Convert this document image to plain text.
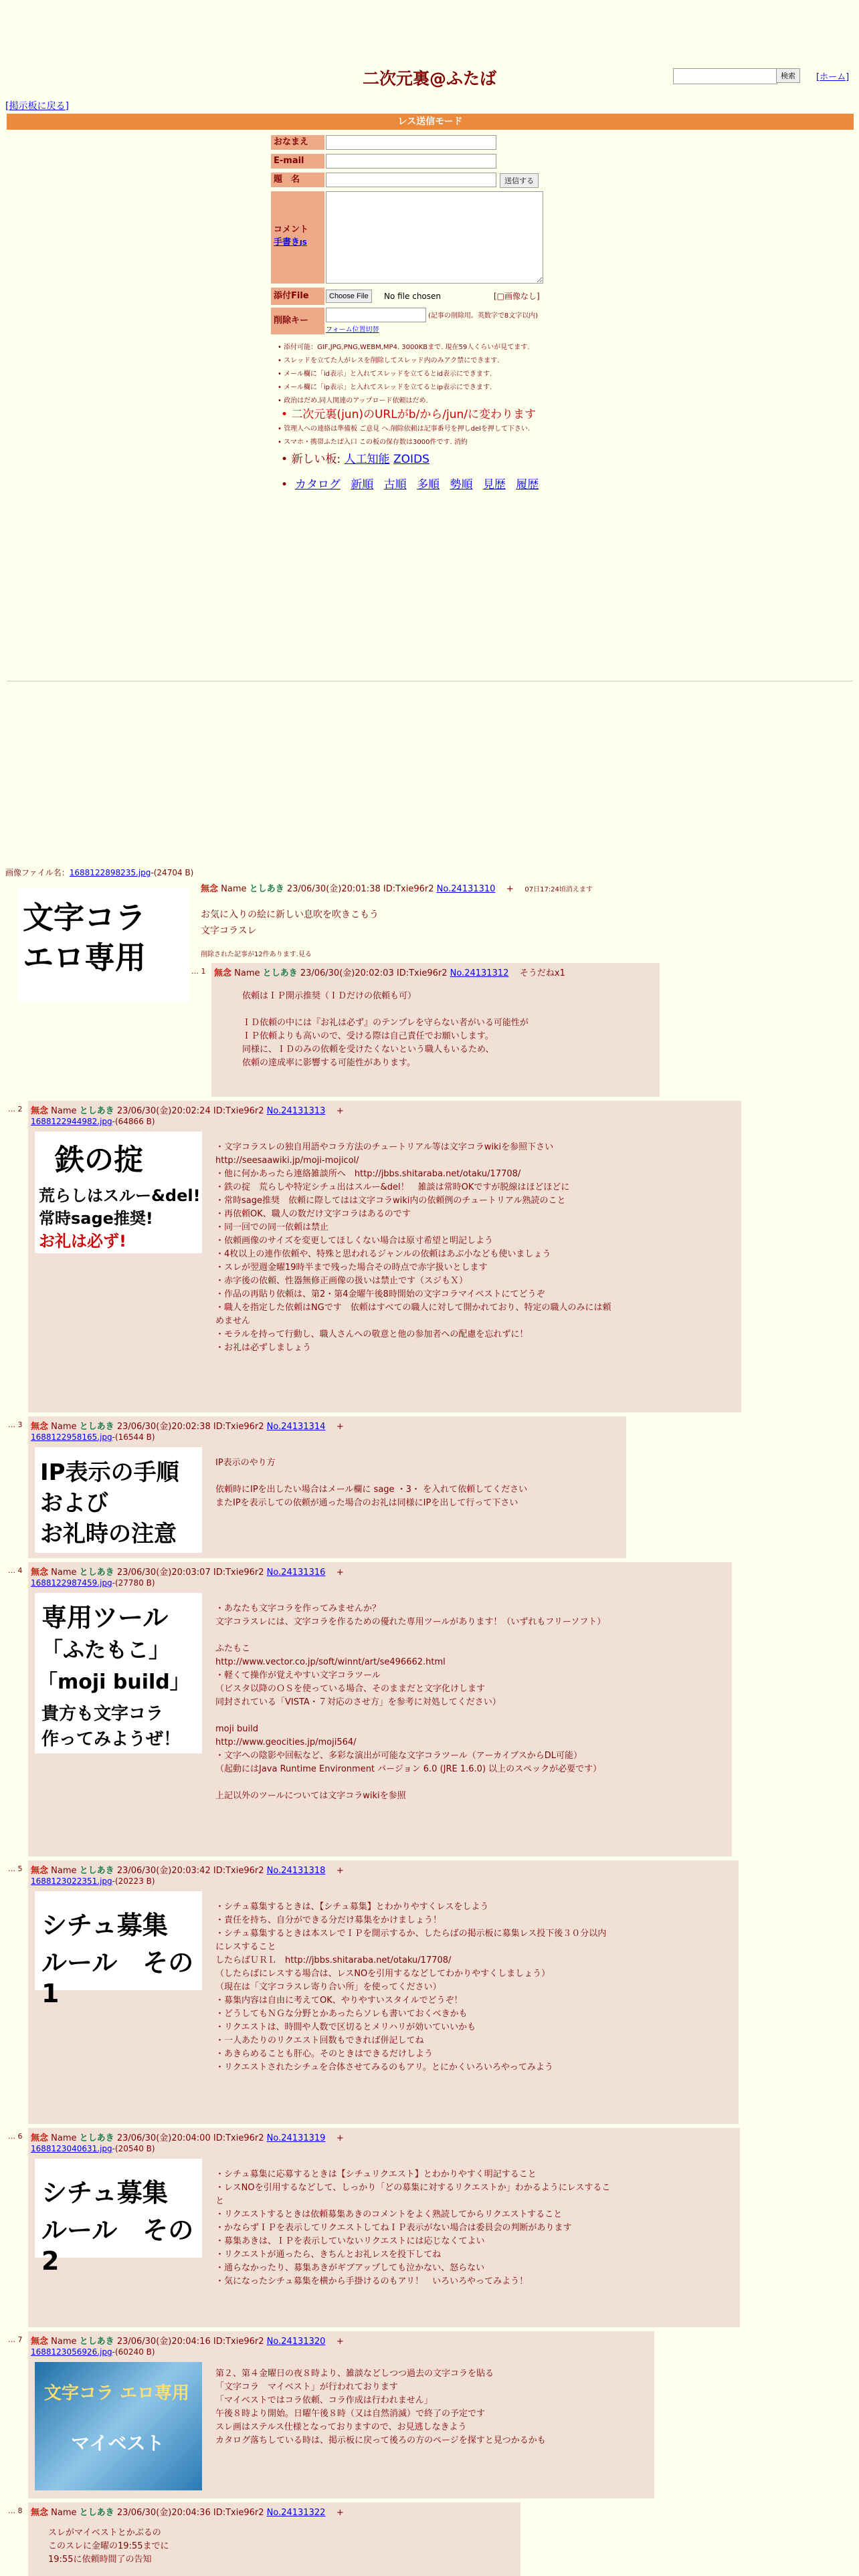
二次元裏@ふたば	検索	[ホーム]
[掲示板に戻る]
レス送信モード
おなまえ
E-mail
題　名	送信する
コメント
手書きJS
添付File	Choose File	No file chosen	[□画像なし]
削除キー	(記事の削除用。英数字で8文字以内)
フォーム位置切替
• 添付可能：GIF,JPG,PNG,WEBM,MP4. 3000KBまで. 現在59人くらいが見てます.
• スレッドを立てた人がレスを削除してスレッド内のみアク禁にできます.
• メール欄に「id表示」と入れてスレッドを立てるとid表示にできます.
• メール欄に「ip表示」と入れてスレッドを立てるとip表示にできます.
• 政治はだめ.同人関連のアップロード依頼はだめ.
• 二次元裏(jun)のURLがb/から/jun/に変わります
• 管理人への連絡は準備板 ご意見 へ.削除依頼は記事番号を押しdelを押して下さい.
• スマホ・携帯ふたば入口 この板の保存数は3000件です. 消約
• 新しい板: 人工知能 ZOIDS
•  カタログ 新順 古順 多順 勢順 見歴 履歴
画像ファイル名：1688122898235.jpg-(24704 B)
文字コラ
エロ専用
無念 Name としあき 23/06/30(金)20:01:38 ID:Txie96r2 No.24131310 + 07日17:24頃消えます
お気に入りの絵に新しい息吹を吹きこもう
文字コラスレ
削除された記事が12件あります.見る
… 1 無念 Name としあき 23/06/30(金)20:02:03 ID:Txie96r2 No.24131312 そうだねx1
依頼はＩＰ開示推奨（ＩＤだけの依頼も可）

ＩＤ依頼の中には『お礼は必ず』のテンプレを守らない者がいる可能性が
ＩＰ依頼よりも高いので、受ける際は自己責任でお願いします。
同様に、ＩＤのみの依頼を受けたくないという職人もいるため、
依頼の達成率に影響する可能性があります。
… 2 無念 Name としあき 23/06/30(金)20:02:24 ID:Txie96r2 No.24131313 +
1688122944982.jpg-(64866 B)
鉄の掟
荒らしはスルー&del!
常時sage推奨!
お礼は必ず!
・文字コラスレの独自用語やコラ方法のチュートリアル等は文字コラwikiを参照下さい
http://seesaawiki.jp/moji-mojicol/
・他に何かあったら連絡雑談所へ　http://jbbs.shitaraba.net/otaku/17708/
・鉄の掟　荒らしや特定シチュ出はスルー&del！　雑談は常時OKですが脱線はほどほどに
・常時sage推奨　依頼に際してはは文字コラwiki内の依頼例のチュートリアル熟読のこと
・再依頼OK、職人の数だけ文字コラはあるのです
・同一回での同一依頼は禁止
・依頼画像のサイズを変更してほしくない場合は原寸希望と明記しよう
・4枚以上の連作依頼や、特殊と思われるジャンルの依頼はあぶ小なども使いましょう
・スレが翌週金曜19時半まで残った場合その時点で赤字扱いとします
・赤字後の依頼、性器無修正画像の扱いは禁止です（スジもＸ）
・作品の再貼り依頼は、第2・第4金曜午後8時開始の文字コラマイベストにてどうぞ
・職人を指定した依頼はNGです　依頼はすべての職人に対して開かれており、特定の職人のみには頼
めません
・モラルを持って行動し、職人さんへの敬意と他の参加者への配慮を忘れずに！
・お礼は必ずしましょう
… 3 無念 Name としあき 23/06/30(金)20:02:38 ID:Txie96r2 No.24131314 +
1688122958165.jpg-(16544 B)
IP表示の手順
および
お礼時の注意
IP表示のやり方

依頼時にIPを出したい場合はメール欄に sage ・3・ を入れて依頼してください
またIPを表示しての依頼が通った場合のお礼は同様にIPを出して行って下さい
… 4 無念 Name としあき 23/06/30(金)20:03:07 ID:Txie96r2 No.24131316 +
1688122987459.jpg-(27780 B)
専用ツール
「ふたもこ」
「moji build」
貴方も文字コラ
作ってみようぜ！
・あなたも文字コラを作ってみませんか？
文字コラスレには、文字コラを作るための優れた専用ツールがあります！（いずれもフリーソフト）

ふたもこ
http://www.vector.co.jp/soft/winnt/art/se496662.html
・軽くて操作が覚えやすい文字コラツール
（ビスタ以降のＯＳを使っている場合、そのままだと文字化けします
同封されている「VISTA・７対応のさせ方」を参考に対処してください）

moji build
http://www.geocities.jp/moji564/
・文字への陰影や回転など、多彩な演出が可能な文字コラツール（アーカイブスからDL可能）
（起動にはJava Runtime Environment バージョン 6.0 (JRE 1.6.0) 以上のスペックが必要です）

上記以外のツールについては文字コラwikiを参照
… 5 無念 Name としあき 23/06/30(金)20:03:42 ID:Txie96r2 No.24131318 +
1688123022351.jpg-(20223 B)
シチュ募集
ルール　その1
・シチュ募集するときは、【シチュ募集】とわかりやすくレスをしよう
・責任を持ち、自分ができる分だけ募集をかけましょう！
・シチュ募集するときは本スレでＩＰを開示するか、したらばの掲示板に募集レス投下後３０分以内
にレスすること
したらばＵＲＬ　http://jbbs.shitaraba.net/otaku/17708/
（したらばにレスする場合は、レスNOを引用するなどしてわかりやすくしましょう）
（現在は「文字コラスレ寄り合い所」を使ってください）
・募集内容は自由に考えてOK、やりやすいスタイルでどうぞ！
・どうしてもＮＧな分野とかあったらソレも書いておくべきかも
・リクエストは、時間や人数で区切るとメリハリが効いていいかも
・一人あたりのリクエスト回数もできれば併記してね
・あきらめることも肝心。そのときはできるだけしよう
・リクエストされたシチュを合体させてみるのもアリ。とにかくいろいろやってみよう
… 6 無念 Name としあき 23/06/30(金)20:04:00 ID:Txie96r2 No.24131319 +
1688123040631.jpg-(20540 B)
シチュ募集
ルール　その2
・シチュ募集に応募するときは【シチュリクエスト】とわかりやすく明記すること
・レスNOを引用するなどして、しっかり「どの募集に対するリクエストか」わかるようにレスするこ
と
・リクエストするときは依頼募集あきのコメントをよく熟読してからリクエストすること
・かならずＩＰを表示してリクエストしてねＩＰ表示がない場合は委員会の判断があります
・募集あきは、ＩＰを表示していないリクエストには応じなくてよい
・リクエストが通ったら、きちんとお礼レスを投下してね
・通らなかったり、募集あきがギブアップしても泣かない、怒らない
・気になったシチュ募集を横から手掛けるのもアリ！　いろいろやってみよう！
… 7 無念 Name としあき 23/06/30(金)20:04:16 ID:Txie96r2 No.24131320 +
1688123056926.jpg-(60240 B)
文字コラ エロ専用
マイベスト
第２、第４金曜日の夜８時より、雑談などしつつ過去の文字コラを貼る
「文字コラ　マイベスト」が行われております
「マイベストではコラ依頼、コラ作成は行われません」
午後８時より開始。日曜午後８時（又は自然消滅）で終了の予定です
スレ画はステルス仕様となっておりますので、お見逃しなきよう
カタログ落ちしている時は、掲示板に戻って後ろの方のページを探すと見つかるかも
… 8 無念 Name としあき 23/06/30(金)20:04:36 ID:Txie96r2 No.24131322 +
スレがマイベストとかぶるの
このスレに金曜の19:55までに
19:55に依頼時間了の告知
